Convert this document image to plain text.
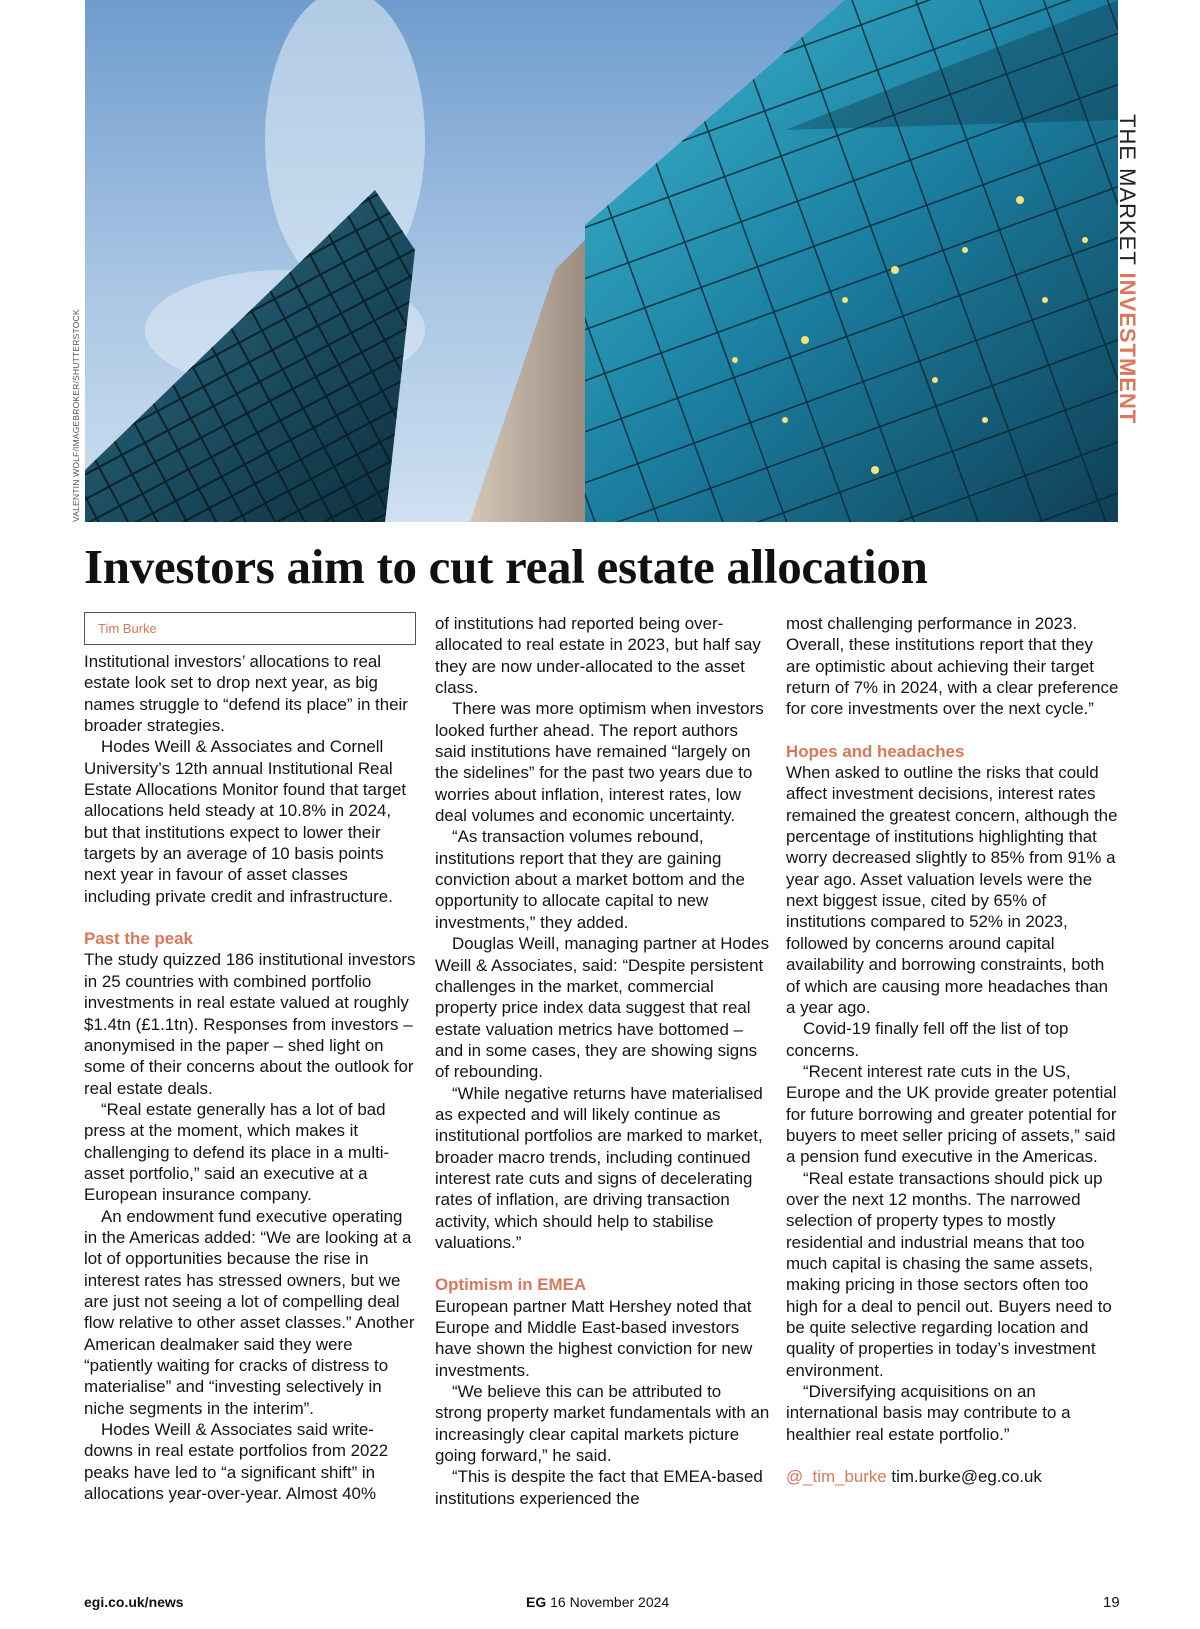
VALENTIN WOLF/IMAGEBROKER/SHUTTERSTOCK
THE MARKET INVESTMENT
Investors aim to cut real estate allocation
Tim Burke

Institutional investors’ allocations to real estate look set to drop next year, as big names struggle to “defend its place” in their broader strategies.

Hodes Weill & Associates and Cornell University’s 12th annual Institutional Real Estate Allocations Monitor found that target allocations held steady at 10.8% in 2024, but that institutions expect to lower their targets by an average of 10 basis points next year in favour of asset classes including private credit and infrastructure.

Past the peak

The study quizzed 186 institutional investors in 25 countries with combined portfolio investments in real estate valued at roughly $1.4tn (£1.1tn). Responses from investors – anonymised in the paper – shed light on some of their concerns about the outlook for real estate deals.

“Real estate generally has a lot of bad press at the moment, which makes it challenging to defend its place in a multi-asset portfolio,” said an executive at a European insurance company.

An endowment fund executive operating in the Americas added: “We are looking at a lot of opportunities because the rise in interest rates has stressed owners, but we are just not seeing a lot of compelling deal flow relative to other asset classes.” Another American dealmaker said they were “patiently waiting for cracks of distress to materialise” and “investing selectively in niche segments in the interim”.

Hodes Weill & Associates said write-downs in real estate portfolios from 2022 peaks have led to “a significant shift” in allocations year-over-year. Almost 40%

of institutions had reported being over-allocated to real estate in 2023, but half say they are now under-allocated to the asset class.

There was more optimism when investors looked further ahead. The report authors said institutions have remained “largely on the sidelines” for the past two years due to worries about inflation, interest rates, low deal volumes and economic uncertainty.

“As transaction volumes rebound, institutions report that they are gaining conviction about a market bottom and the opportunity to allocate capital to new investments,” they added.

Douglas Weill, managing partner at Hodes Weill & Associates, said: “Despite persistent challenges in the market, commercial property price index data suggest that real estate valuation metrics have bottomed – and in some cases, they are showing signs of rebounding.

“While negative returns have materialised as expected and will likely continue as institutional portfolios are marked to market, broader macro trends, including continued interest rate cuts and signs of decelerating rates of inflation, are driving transaction activity, which should help to stabilise valuations.”

Optimism in EMEA

European partner Matt Hershey noted that Europe and Middle East-based investors have shown the highest conviction for new investments.

“We believe this can be attributed to strong property market fundamentals with an increasingly clear capital markets picture going forward,” he said.

“This is despite the fact that EMEA-based institutions experienced the

most challenging performance in 2023. Overall, these institutions report that they are optimistic about achieving their target return of 7% in 2024, with a clear preference for core investments over the next cycle.”

Hopes and headaches

When asked to outline the risks that could affect investment decisions, interest rates remained the greatest concern, although the percentage of institutions highlighting that worry decreased slightly to 85% from 91% a year ago. Asset valuation levels were the next biggest issue, cited by 65% of institutions compared to 52% in 2023, followed by concerns around capital availability and borrowing constraints, both of which are causing more headaches than a year ago.

Covid-19 finally fell off the list of top concerns.

“Recent interest rate cuts in the US, Europe and the UK provide greater potential for future borrowing and greater potential for buyers to meet seller pricing of assets,” said a pension fund executive in the Americas.

“Real estate transactions should pick up over the next 12 months. The narrowed selection of property types to mostly residential and industrial means that too much capital is chasing the same assets, making pricing in those sectors often too high for a deal to pencil out. Buyers need to be quite selective regarding location and quality of properties in today’s investment environment.

“Diversifying acquisitions on an international basis may contribute to a healthier real estate portfolio.”

@_tim_burke tim.burke@eg.co.uk

egi.co.uk/news	EG 16 November 2024	19
